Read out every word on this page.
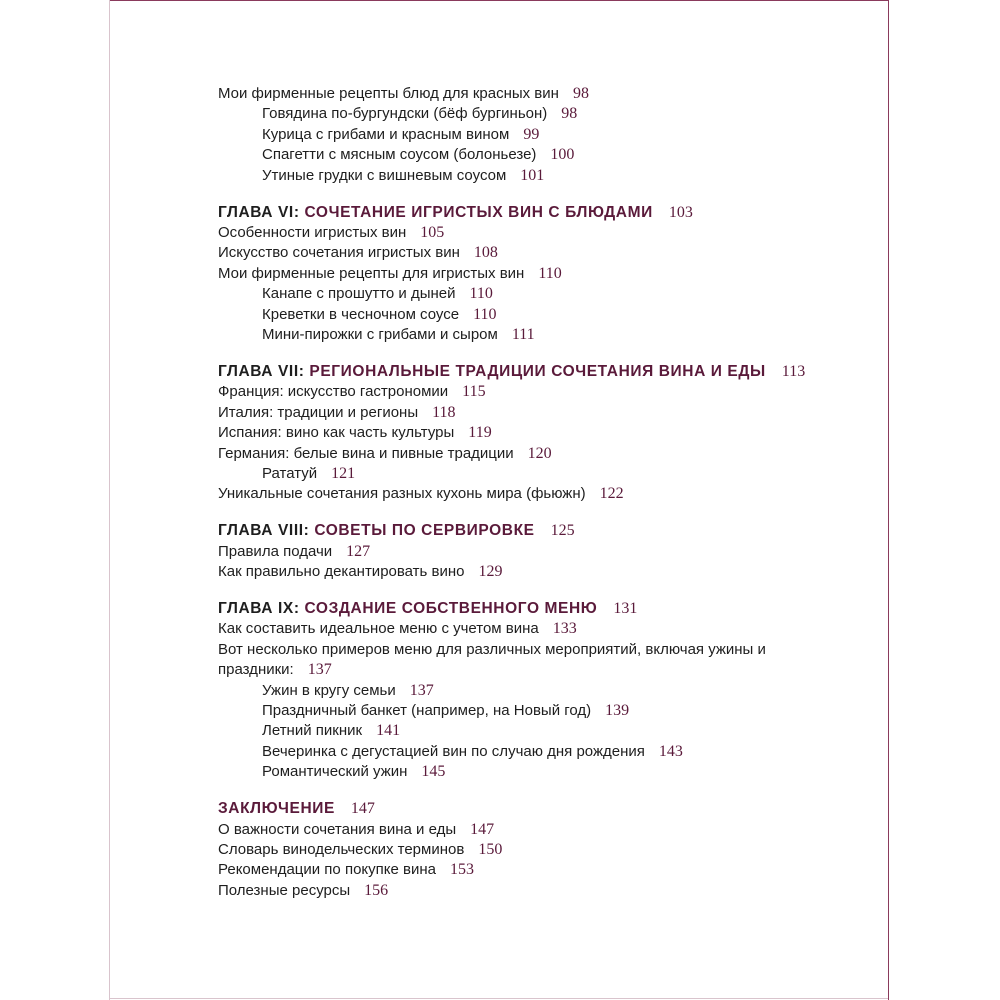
Мои фирменные рецепты блюд для красных вин 98
Говядина по-бургундски (бёф бургиньон) 98
Курица с грибами и красным вином 99
Спагетти с мясным соусом (болоньезе) 100
Утиные грудки с вишневым соусом 101
ГЛАВА VI: СОЧЕТАНИЕ ИГРИСТЫХ ВИН С БЛЮДАМИ 103
Особенности игристых вин 105
Искусство сочетания игристых вин 108
Мои фирменные рецепты для игристых вин 110
Канапе с прошутто и дыней 110
Креветки в чесночном соусе 110
Мини-пирожки с грибами и сыром 111
ГЛАВА VII: РЕГИОНАЛЬНЫЕ ТРАДИЦИИ СОЧЕТАНИЯ ВИНА И ЕДЫ 113
Франция: искусство гастрономии 115
Италия: традиции и регионы 118
Испания: вино как часть культуры 119
Германия: белые вина и пивные традиции 120
Рататуй 121
Уникальные сочетания разных кухонь мира (фьюжн) 122
ГЛАВА VIII: СОВЕТЫ ПО СЕРВИРОВКЕ 125
Правила подачи 127
Как правильно декантировать вино 129
ГЛАВА IX: СОЗДАНИЕ СОБСТВЕННОГО МЕНЮ 131
Как составить идеальное меню с учетом вина 133
Вот несколько примеров меню для различных мероприятий, включая ужины и праздники: 137
Ужин в кругу семьи 137
Праздничный банкет (например, на Новый год) 139
Летний пикник 141
Вечеринка с дегустацией вин по случаю дня рождения 143
Романтический ужин 145
ЗАКЛЮЧЕНИЕ 147
О важности сочетания вина и еды 147
Словарь винодельческих терминов 150
Рекомендации по покупке вина 153
Полезные ресурсы 156
